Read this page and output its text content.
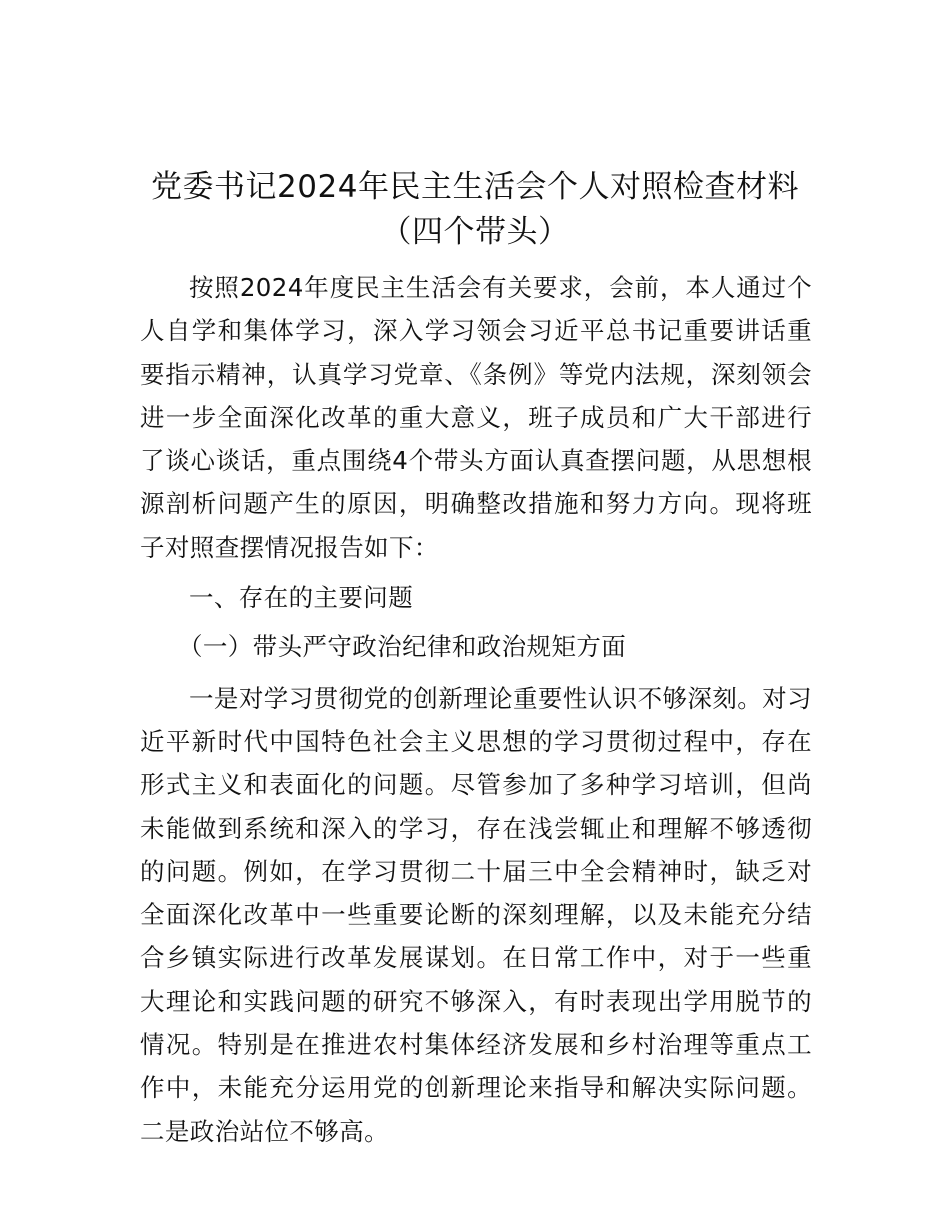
党委书记2024年民主生活会个人对照检查材料（四个带头）

按照2024年度民主生活会有关要求，会前，本人通过个人自学和集体学习，深入学习领会习近平总书记重要讲话重要指示精神，认真学习党章、《条例》等党内法规，深刻领会进一步全面深化改革的重大意义，班子成员和广大干部进行了谈心谈话，重点围绕4个带头方面认真查摆问题，从思想根源剖析问题产生的原因，明确整改措施和努力方向。现将班子对照查摆情况报告如下：

一、存在的主要问题

（一）带头严守政治纪律和政治规矩方面

一是对学习贯彻党的创新理论重要性认识不够深刻。对习近平新时代中国特色社会主义思想的学习贯彻过程中，存在形式主义和表面化的问题。尽管参加了多种学习培训，但尚未能做到系统和深入的学习，存在浅尝辄止和理解不够透彻的问题。例如，在学习贯彻二十届三中全会精神时，缺乏对全面深化改革中一些重要论断的深刻理解，以及未能充分结合乡镇实际进行改革发展谋划。在日常工作中，对于一些重大理论和实践问题的研究不够深入，有时表现出学用脱节的情况。特别是在推进农村集体经济发展和乡村治理等重点工作中，未能充分运用党的创新理论来指导和解决实际问题。二是政治站位不够高。
